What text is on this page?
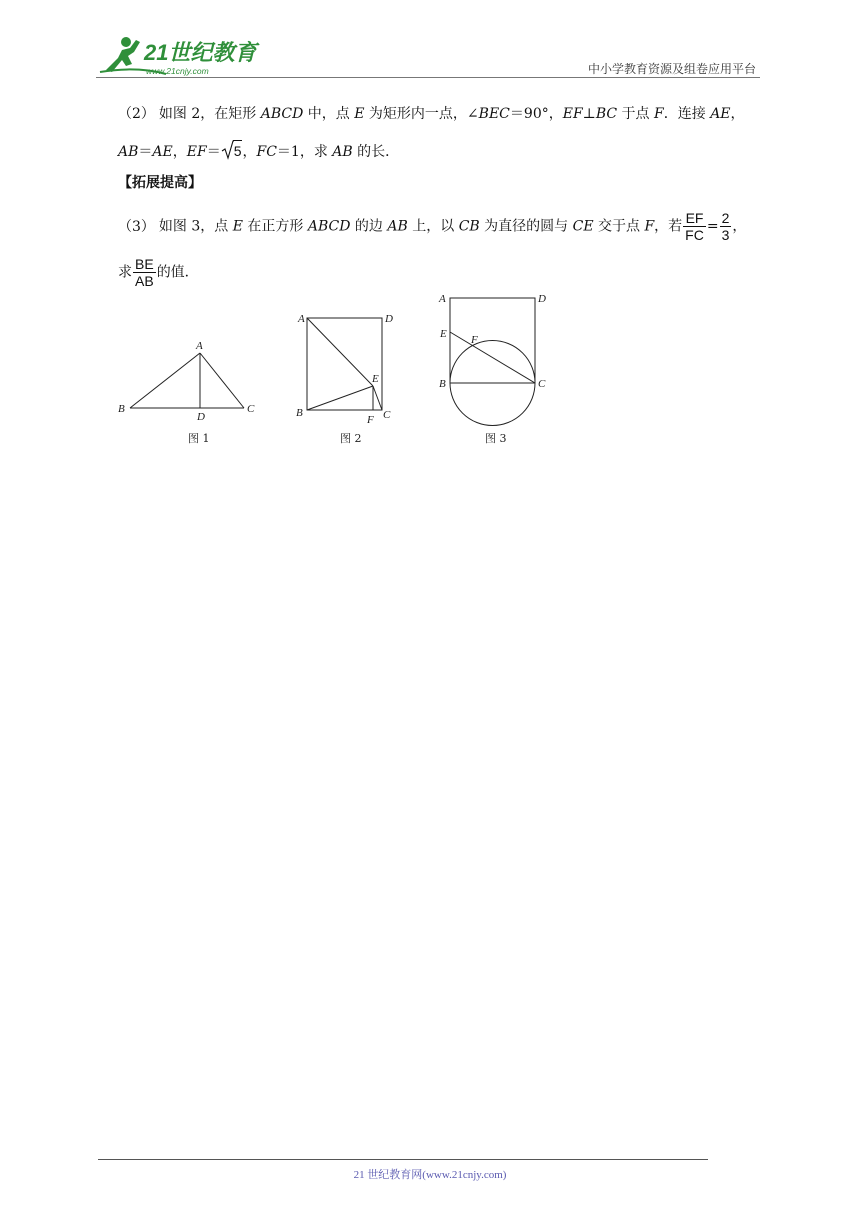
21世纪教育
www.21cnjy.com	中小学教育资源及组卷应用平台
（2） 如图 2，在矩形 ABCD 中，点 E 为矩形内一点，∠BEC＝90°，EF⊥BC 于点 F．连接 AE，
AB＝AE，EF＝ 5，FC＝1，求 AB 的长．
【拓展提高】
（3） 如图 3，点 E 在正方形 ABCD 的边 AB 上，以 CB 为直径的圆与 CE 交于点 F，若 $\frac{EF}{FC} = \frac{2}{3}$ ，
求 $\frac{BE}{AB}$ 的值．
A
B	C
D
图 1
A	D
E
B
F C
图 2
A	D
E F
B	C
图 3
21 世纪教育网(www.21cnjy.com)
